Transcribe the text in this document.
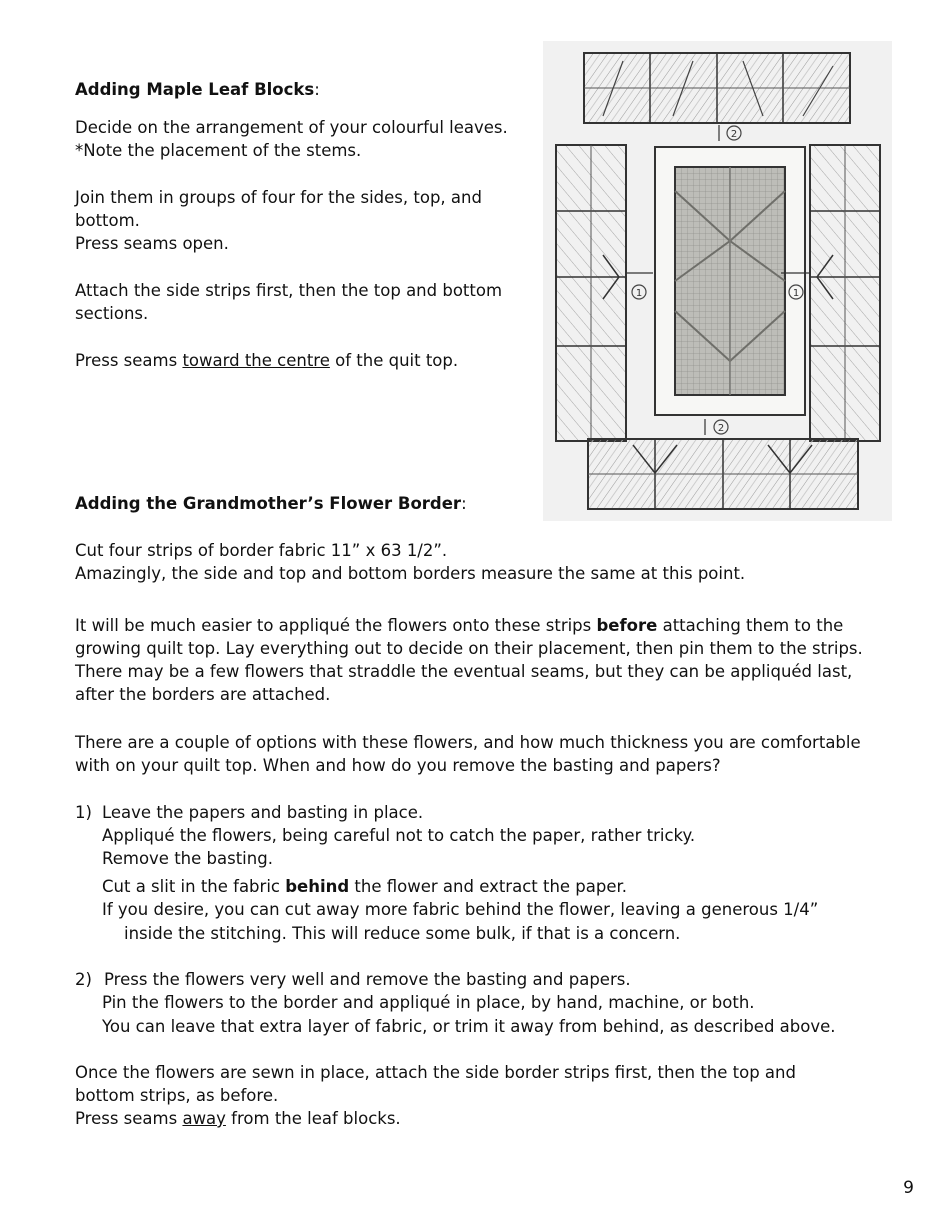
Adding Maple Leaf Blocks:
Decide on the arrangement of your colourful leaves.
*Note the placement of the stems.
Join them in groups of four for the sides, top, and
bottom.
Press seams open.
Attach the side strips first, then the top and bottom
sections.
Press seams toward the centre of the quit top.
2
1	1
2
Adding the Grandmother’s Flower Border:
Cut four strips of border fabric 11” x 63 1/2”.
Amazingly, the side and top and bottom borders measure the same at this point.
It will be much easier to appliqué the flowers onto these strips before attaching them to the
growing quilt top. Lay everything out to decide on their placement, then pin them to the strips.
There may be a few flowers that straddle the eventual seams, but they can be appliquéd last,
after the borders are attached.
There are a couple of options with these flowers, and how much thickness you are comfortable
with on your quilt top. When and how do you remove the basting and papers?
1) Leave the papers and basting in place.
Appliqué the flowers, being careful not to catch the paper, rather tricky.
Remove the basting.
Cut a slit in the fabric behind the flower and extract the paper.
If you desire, you can cut away more fabric behind the flower, leaving a generous 1/4”
inside the stitching. This will reduce some bulk, if that is a concern.
2) Press the flowers very well and remove the basting and papers.
Pin the flowers to the border and appliqué in place, by hand, machine, or both.
You can leave that extra layer of fabric, or trim it away from behind, as described above.
Once the flowers are sewn in place, attach the side border strips first, then the top and
bottom strips, as before.
Press seams away from the leaf blocks.
9
